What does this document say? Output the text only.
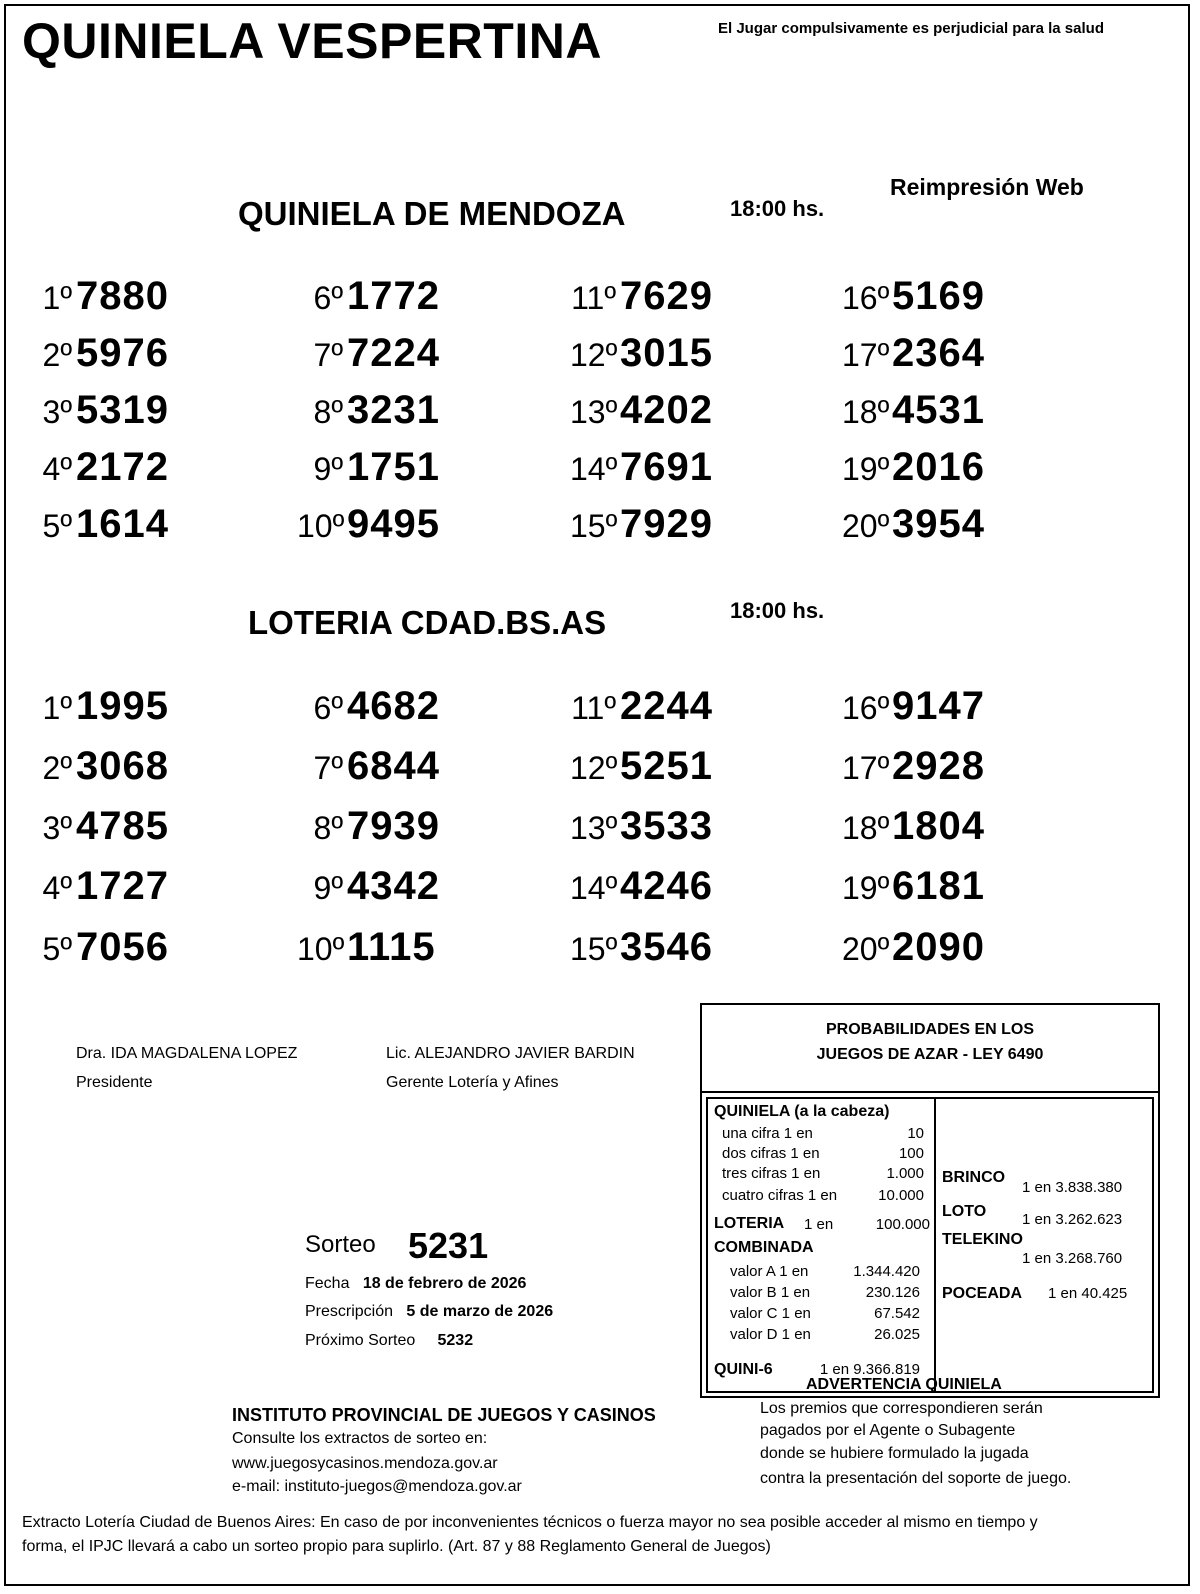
QUINIELA VESPERTINA	El Jugar compulsivamente es perjudicial para la salud
Reimpresión Web
QUINIELA DE MENDOZA	18:00 hs.
1º 7880
2º 5976
3º 5319
4º 2172
5º 1614
6º 1772
7º 7224
8º 3231
9º 1751
10º 9495
11º 7629
12º 3015
13º 4202
14º 7691
15º 7929
16º 5169
17º 2364
18º 4531
19º 2016
20º 3954
LOTERIA CDAD.BS.AS	18:00 hs.
1º 1995
2º 3068
3º 4785
4º 1727
5º 7056
6º 4682
7º 6844
8º 7939
9º 4342
10º 1115
11º 2244
12º 5251
13º 3533
14º 4246
15º 3546
16º 9147
17º 2928
18º 1804
19º 6181
20º 2090
Dra. IDA MAGDALENA LOPEZ
Presidente
Lic. ALEJANDRO JAVIER BARDIN
Gerente Lotería y Afines
Sorteo 5231
Fecha 18 de febrero de 2026
Prescripción 5 de marzo de 2026
Próximo Sorteo 5232
PROBABILIDADES EN LOS
JUEGOS DE AZAR - LEY 6490
QUINIELA (a la cabeza)
una cifra 1 en	10
dos cifras 1 en	100
tres cifras 1 en	1.000
cuatro cifras 1 en	10.000
LOTERIA 1 en	100.000
COMBINADA
valor A 1 en	1.344.420
valor B 1 en	230.126
valor C 1 en	67.542
valor D 1 en	26.025
QUINI-6	1 en 9.366.819
BRINCO
1 en 3.838.380
LOTO 1 en 3.262.623
TELEKINO
1 en 3.268.760
POCEADA 1 en 40.425
ADVERTENCIA QUINIELA
Los premios que correspondieren serán
pagados por el Agente o Subagente
donde se hubiere formulado la jugada
contra la presentación del soporte de juego.
INSTITUTO PROVINCIAL DE JUEGOS Y CASINOS
Consulte los extractos de sorteo en:
www.juegosycasinos.mendoza.gov.ar
e-mail: instituto-juegos@mendoza.gov.ar
Extracto Lotería Ciudad de Buenos Aires: En caso de por inconvenientes técnicos o fuerza mayor no sea posible acceder al mismo en tiempo y
forma, el IPJC llevará a cabo un sorteo propio para suplirlo. (Art. 87 y 88 Reglamento General de Juegos)
